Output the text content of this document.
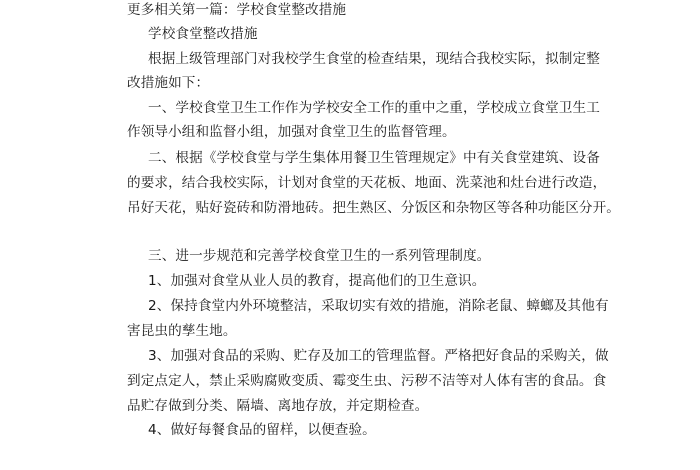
更多相关第一篇：学校食堂整改措施
学校食堂整改措施
根据上级管理部门对我校学生食堂的检查结果，现结合我校实际，拟制定整
改措施如下：
一、学校食堂卫生工作作为学校安全工作的重中之重，学校成立食堂卫生工
作领导小组和监督小组，加强对食堂卫生的监督管理。
二、根据《学校食堂与学生集体用餐卫生管理规定》中有关食堂建筑、设备
的要求，结合我校实际，计划对食堂的天花板、地面、洗菜池和灶台进行改造，
吊好天花，贴好瓷砖和防滑地砖。把生熟区、分饭区和杂物区等各种功能区分开。
三、进一步规范和完善学校食堂卫生的一系列管理制度。
1、加强对食堂从业人员的教育，提高他们的卫生意识。
2、保持食堂内外环境整洁，采取切实有效的措施，消除老鼠、蟑螂及其他有
害昆虫的孳生地。
3、加强对食品的采购、贮存及加工的管理监督。严格把好食品的采购关，做
到定点定人，禁止采购腐败变质、霉变生虫、污秽不洁等对人体有害的食品。食
品贮存做到分类、隔墙、离地存放，并定期检查。
4、做好每餐食品的留样，以便查验。
